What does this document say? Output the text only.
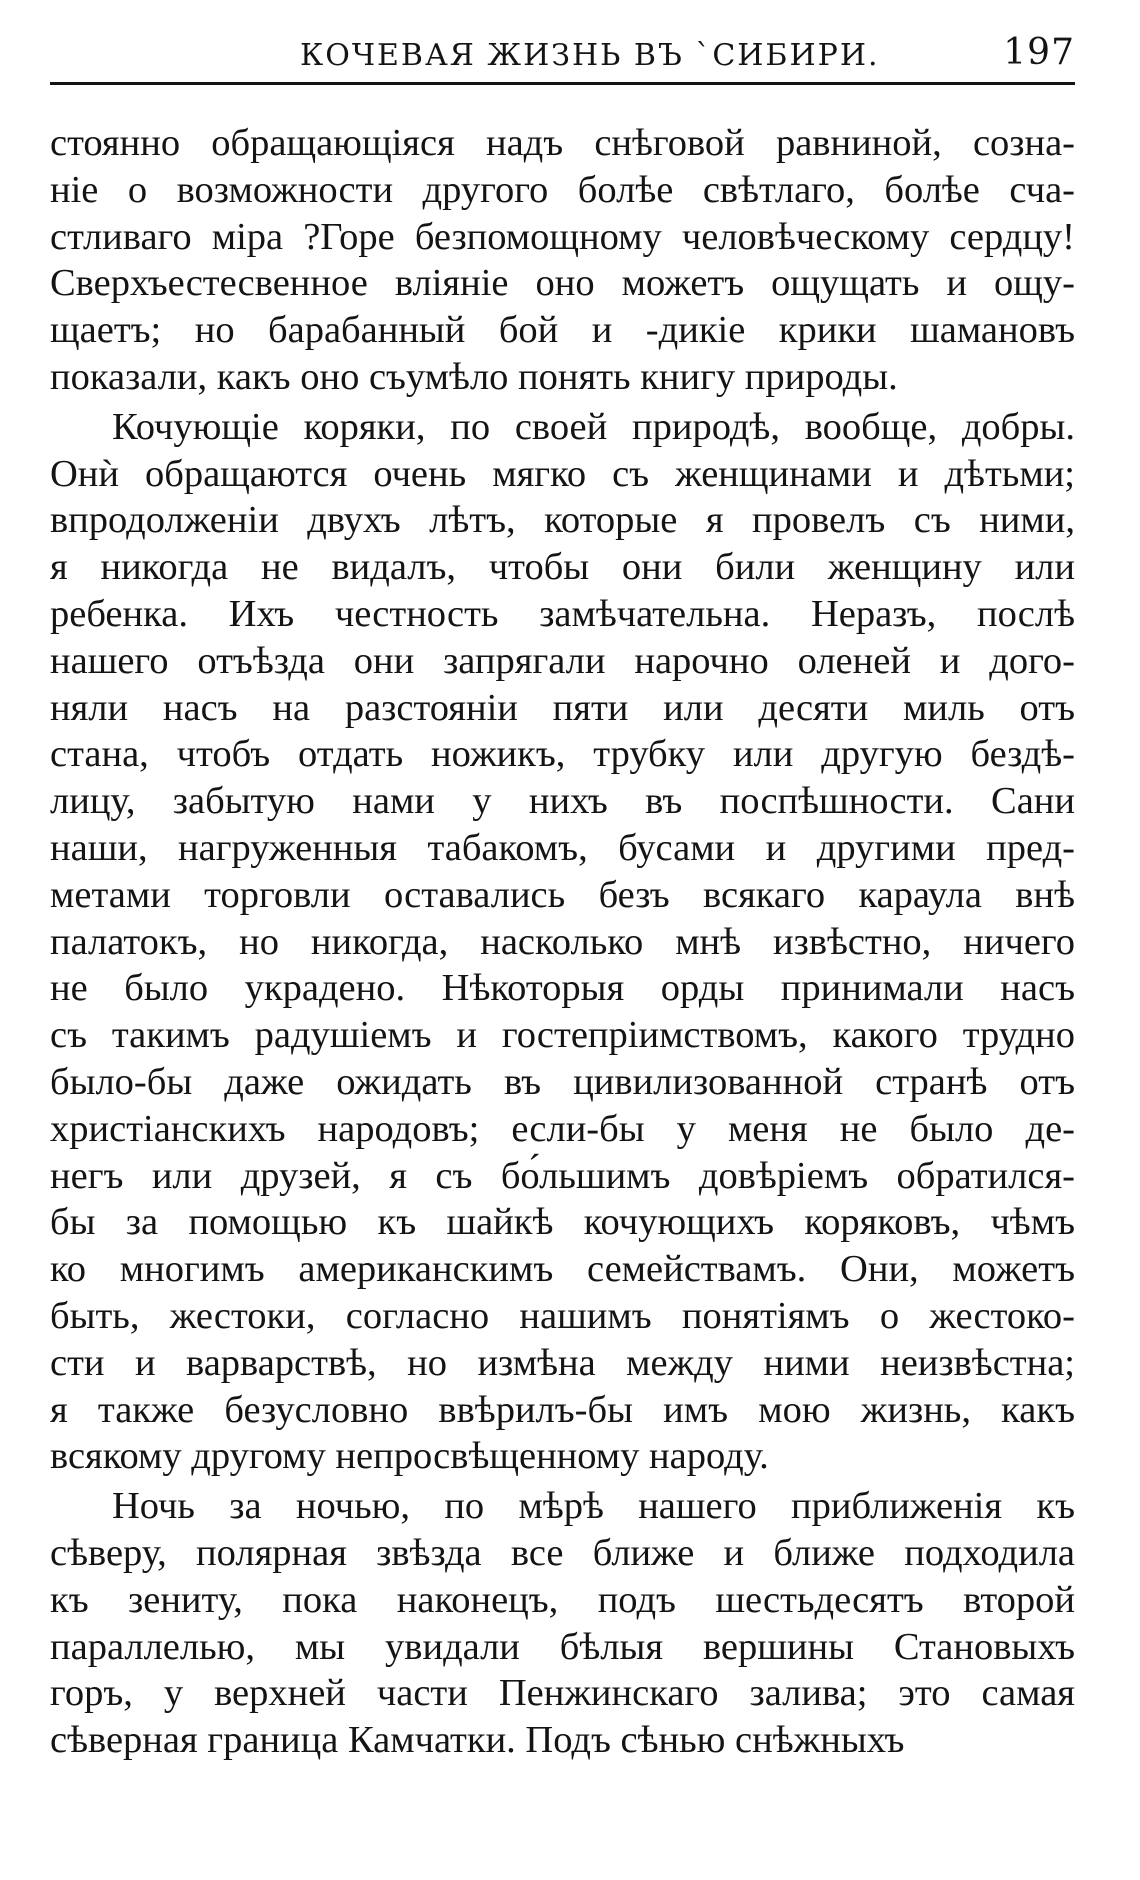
КОЧЕВАЯ ЖИЗНЬ ВЪ `СИБИРИ.	197
стоянно обращающіяся надъ снѣговой равниной, созна-
ніе о возможности другого болѣе свѣтлаго, болѣе сча-
стливаго міра ?Горе безпомощному человѣческому сердцу!
Сверхъестесвенное вліяніе оно можетъ ощущать и ощу-
щаетъ; но барабанный бой и -дикіе крики шамановъ
показали, какъ оно съумѣло понять книгу природы.
Кочующіе коряки, по своей природѣ, вообще, добры.
Онѝ обращаются очень мягко съ женщинами и дѣтьми;
впродолженіи двухъ лѣтъ, которые я провелъ съ ними,
я никогда не видалъ, чтобы они били женщину или
ребенка. Ихъ честность замѣчательна. Неразъ, послѣ
нашего отъѣзда они запрягали нарочно оленей и дого-
няли насъ на разстояніи пяти или десяти миль отъ
стана, чтобъ отдать ножикъ, трубку или другую бездѣ-
лицу, забытую нами у нихъ въ поспѣшности. Сани
наши, нагруженныя табакомъ, бусами и другими пред-
метами торговли оставались безъ всякаго караула внѣ
палатокъ, но никогда, насколько мнѣ извѣстно, ничего
не было украдено. Нѣкоторыя орды принимали насъ
съ такимъ радушіемъ и гостепріимствомъ, какого трудно
было-бы даже ожидать въ цивилизованной странѣ отъ
христіанскихъ народовъ; если-бы у меня не было де-
негъ или друзей, я съ бо́льшимъ довѣріемъ обратился-
бы за помощью къ шайкѣ кочующихъ коряковъ, чѣмъ
ко многимъ американскимъ семействамъ. Они, можетъ
быть, жестоки, согласно нашимъ понятіямъ о жестоко-
сти и варварствѣ, но измѣна между ними неизвѣстна;
я также безусловно ввѣрилъ-бы имъ мою жизнь, какъ
всякому другому непросвѣщенному народу.
Ночь за ночью, по мѣрѣ нашего приближенія къ
сѣверу, полярная звѣзда все ближе и ближе подходила
къ зениту, пока наконецъ, подъ шестьдесятъ второй
параллелью, мы увидали бѣлыя вершины Становыхъ
горъ, у верхней части Пенжинскаго залива; это самая
сѣверная граница Камчатки. Подъ сѣнью снѣжныхъ
